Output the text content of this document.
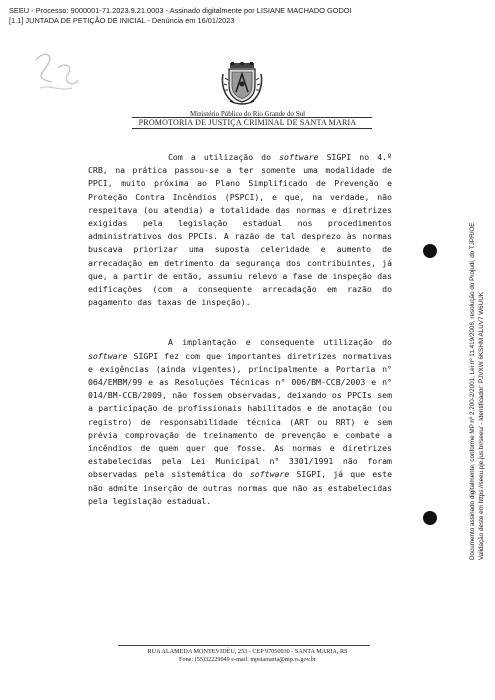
SEEU - Processo: 9000001-71.2023.9.21.0003 - Assinado digitalmente por LISIANE MACHADO GODOI
[1.1] JUNTADA DE PETIÇÃO DE INICIAL - Denúncia em 16/01/2023
Ministério Público do Rio Grande do Sul
PROMOTORIA DE JUSTIÇA CRIMINAL DE SANTA MARIA

Com a utilização do software SIGPI no 4.º CRB, na prática passou-se a ter somente uma modalidade de PPCI, muito próxima ao Plano Simplificado de Prevenção e Proteção Contra Incêndios (PSPCI), e que, na verdade, não respeitava (ou atendia) a totalidade das normas e diretrizes exigidas pela legislação estadual nos procedimentos administrativos dos PPCIs. A razão de tal desprezo às normas buscava priorizar uma suposta celeridade e aumento de arrecadação em detrimento da segurança dos contribuintes, já que, a partir de então, assumiu relevo a fase de inspeção das edificações (com a consequente arrecadação em razão do pagamento das taxas de inspeção).

A implantação e consequente utilização do software SIGPI fez com que importantes diretrizes normativas e exigências (ainda vigentes), principalmente a Portaria n° 064/EMBM/99 e as Resoluções Técnicas n° 006/BM-CCB/2003 e n° 014/BM-CCB/2009, não fossem observadas, deixando os PPCIs sem a participação de profissionais habilitados e de anotação (ou registro) de responsabilidade técnica (ART ou RRT) e sem prévia comprovação de treinamento de prevenção e combate a incêndios de quem quer que fosse. As normas e diretrizes estabelecidas pela Lei Municipal n° 3301/1991 não foram observadas pela sistemática do software SIGPI, já que este não admite inserção de outras normas que não as estabelecidas pela legislação estadual.	Documento assinado digitalmente, conforme MP nº 2.200-2/2001, Lei nº 11.419/2006, resolução do Projudi, do TJPR/OE Validação deste em https://seeu.pje.jus.br/seeu/ - Identificador: PJVXW 6KSHM ALUV7 W6UUK
RUA ALAMEDA MONTEVIDÉU, 253 - CEP 97050030 - SANTA MARIA, RS
Fone: (55)32229049 e-mail: mpstamaria@mp.rs.gov.br
